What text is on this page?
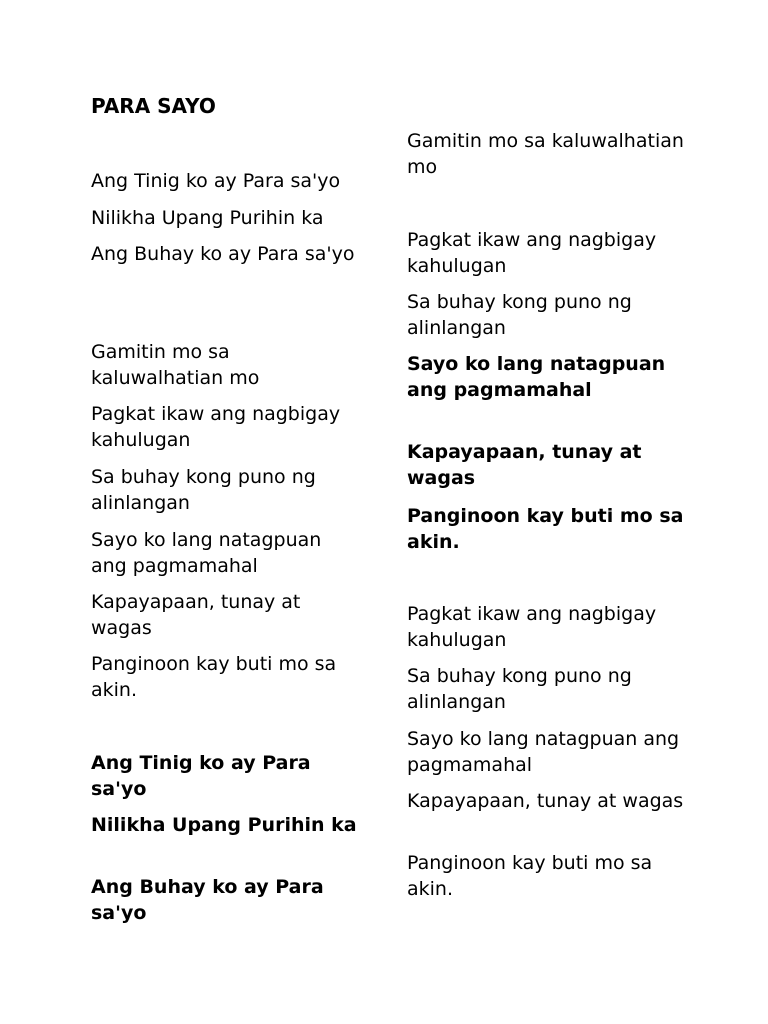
PARA SAYO

Ang Tinig ko ay Para sa'yo

Nilikha Upang Purihin ka

Ang Buhay ko ay Para sa'yo

Gamitin mo sa kaluwalhatian mo

Pagkat ikaw ang nagbigay kahulugan

Sa buhay kong puno ng alinlangan

Sayo ko lang natagpuan ang pagmamahal

Kapayapaan, tunay at wagas

Panginoon kay buti mo sa akin.

Ang Tinig ko ay Para sa'yo

Nilikha Upang Purihin ka

Ang Buhay ko ay Para sa'yo

Gamitin mo sa kaluwalhatian mo

Pagkat ikaw ang nagbigay kahulugan

Sa buhay kong puno ng alinlangan

Sayo ko lang natagpuan ang pagmamahal

Kapayapaan, tunay at wagas

Panginoon kay buti mo sa akin.

Pagkat ikaw ang nagbigay kahulugan

Sa buhay kong puno ng alinlangan

Sayo ko lang natagpuan ang pagmamahal

Kapayapaan, tunay at wagas

Panginoon kay buti mo sa akin.
